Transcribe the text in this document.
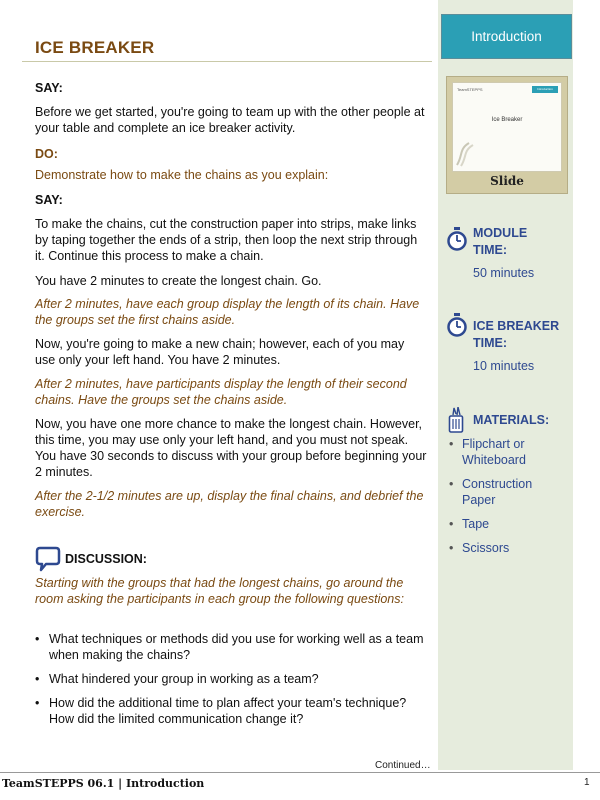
Introduction
TeamSTEPPS	Introduction
Ice Breaker
Slide
MODULE TIME:
50 minutes
ICE BREAKER TIME:
10 minutes
MATERIALS:
• Flipchart or Whiteboard
• Construction Paper
• Tape
• Scissors
ICE BREAKER
SAY:
Before we get started, you're going to team up with the other people at your table and complete an ice breaker activity.
DO:
Demonstrate how to make the chains as you explain:
SAY:
To make the chains, cut the construction paper into strips, make links by taping together the ends of a strip, then loop the next strip through it. Continue this process to make a chain.
You have 2 minutes to create the longest chain. Go.
After 2 minutes, have each group display the length of its chain. Have the groups set the first chains aside.
Now, you're going to make a new chain; however, each of you may use only your left hand. You have 2 minutes.
After 2 minutes, have participants display the length of their second chains. Have the groups set the chains aside.
Now, you have one more chance to make the longest chain. However, this time, you may use only your left hand, and you must not speak. You have 30 seconds to discuss with your group before beginning your 2 minutes.
After the 2-1/2 minutes are up, display the final chains, and debrief the exercise.
DISCUSSION:
Starting with the groups that had the longest chains, go around the room asking the participants in each group the following questions:
• What techniques or methods did you use for working well as a team when making the chains?
• What hindered your group in working as a team?
• How did the additional time to plan affect your team's technique? How did the limited communication change it?
Continued…
TeamSTEPPS 06.1 | Introduction	1
